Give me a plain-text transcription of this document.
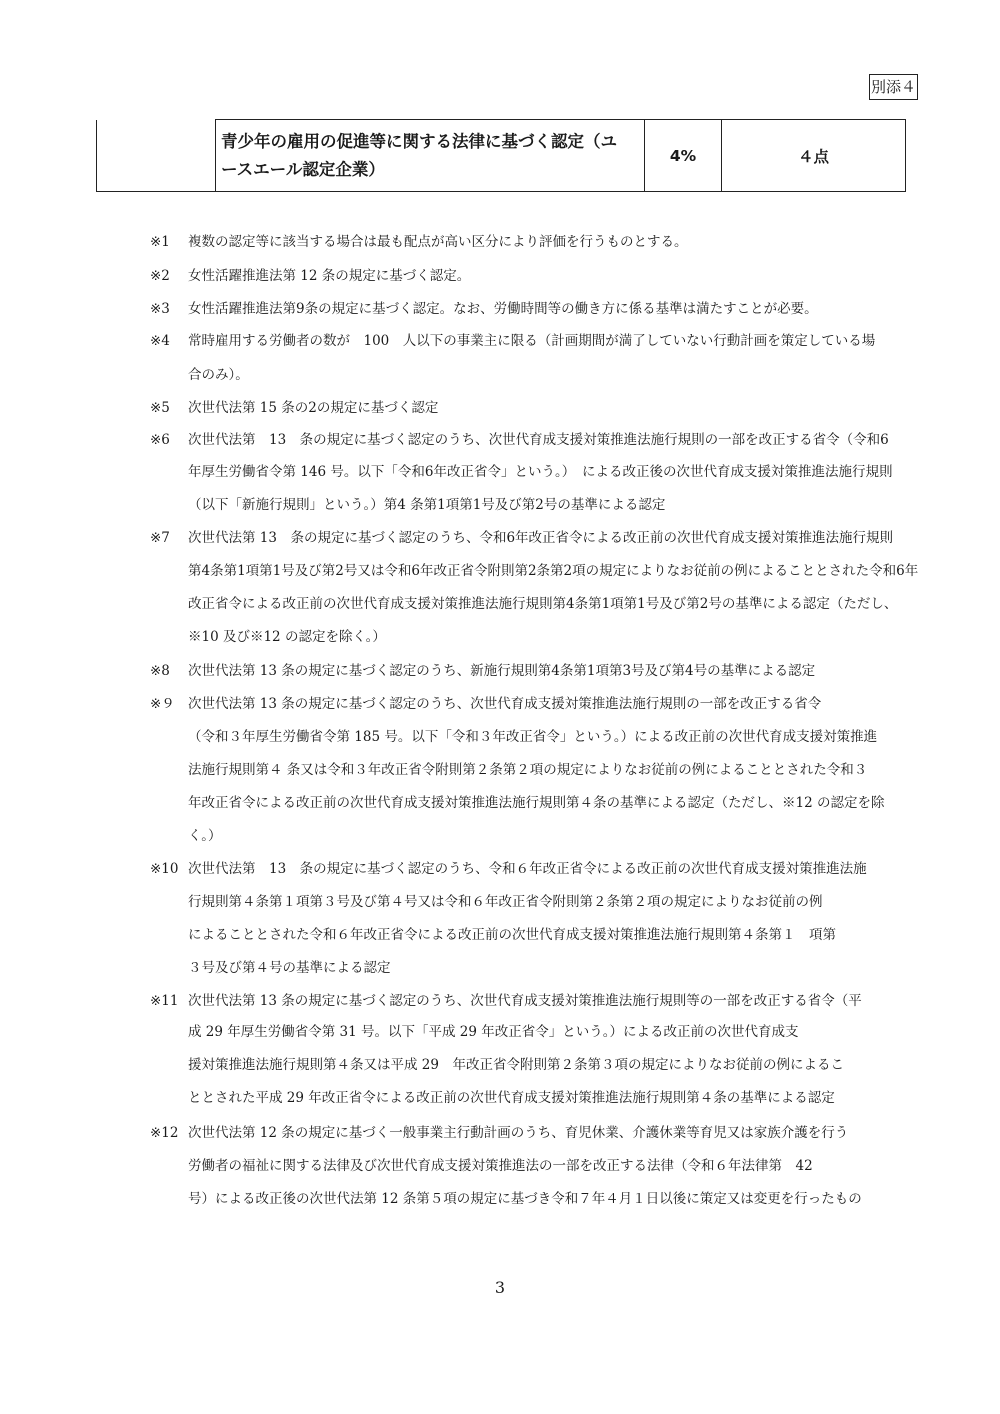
別添４

青少年の雇用の促進等に関する法律に基づく認定（ユ
ースエール認定企業）
	4%	４点
※1 複数の認定等に該当する場合は最も配点が高い区分により評価を行うものとする。
※2 女性活躍推進法第 12 条の規定に基づく認定。
※3 女性活躍推進法第9条の規定に基づく認定。なお、労働時間等の働き方に係る基準は満たすことが必要。
※4 常時雇用する労働者の数が　100　人以下の事業主に限る（計画期間が満了していない行動計画を策定している場
合のみ）。
※5 次世代法第 15 条の2の規定に基づく認定
※6 次世代法第　13　条の規定に基づく認定のうち、次世代育成支援対策推進法施行規則の一部を改正する省令（令和6
年厚生労働省令第 146 号。以下「令和6年改正省令」という。）　による改正後の次世代育成支援対策推進法施行規則
（以下「新施行規則」という。）第4 条第1項第1号及び第2号の基準による認定
※7 次世代法第 13　条の規定に基づく認定のうち、令和6年改正省令による改正前の次世代育成支援対策推進法施行規則
第4条第1項第1号及び第2号又は令和6年改正省令附則第2条第2項の規定によりなお従前の例によることとされた令和6年
改正省令による改正前の次世代育成支援対策推進法施行規則第4条第1項第1号及び第2号の基準による認定（ただし、
※10 及び※12 の認定を除く。）
※8 次世代法第 13 条の規定に基づく認定のうち、新施行規則第4条第1項第3号及び第4号の基準による認定
※９ 次世代法第 13 条の規定に基づく認定のうち、次世代育成支援対策推進法施行規則の一部を改正する省令
（令和３年厚生労働省令第 185 号。以下「令和３年改正省令」という。）による改正前の次世代育成支援対策推進
法施行規則第４ 条又は令和３年改正省令附則第２条第２項の規定によりなお従前の例によることとされた令和３
年改正省令による改正前の次世代育成支援対策推進法施行規則第４条の基準による認定（ただし、※12 の認定を除
く。）
※10 次世代法第　13　条の規定に基づく認定のうち、令和６年改正省令による改正前の次世代育成支援対策推進法施
行規則第４条第１項第３号及び第４号又は令和６年改正省令附則第２条第２項の規定によりなお従前の例
によることとされた令和６年改正省令による改正前の次世代育成支援対策推進法施行規則第４条第１　項第
３号及び第４号の基準による認定
※11 次世代法第 13 条の規定に基づく認定のうち、次世代育成支援対策推進法施行規則等の一部を改正する省令（平
成 29 年厚生労働省令第 31 号。以下「平成 29 年改正省令」という。）による改正前の次世代育成支
援対策推進法施行規則第４条又は平成 29　年改正省令附則第２条第３項の規定によりなお従前の例によるこ
ととされた平成 29 年改正省令による改正前の次世代育成支援対策推進法施行規則第４条の基準による認定
※12 次世代法第 12 条の規定に基づく一般事業主行動計画のうち、育児休業、介護休業等育児又は家族介護を行う
労働者の福祉に関する法律及び次世代育成支援対策推進法の一部を改正する法律（令和６年法律第　42
号）による改正後の次世代法第 12 条第５項の規定に基づき令和７年４月１日以後に策定又は変更を行ったもの
3
